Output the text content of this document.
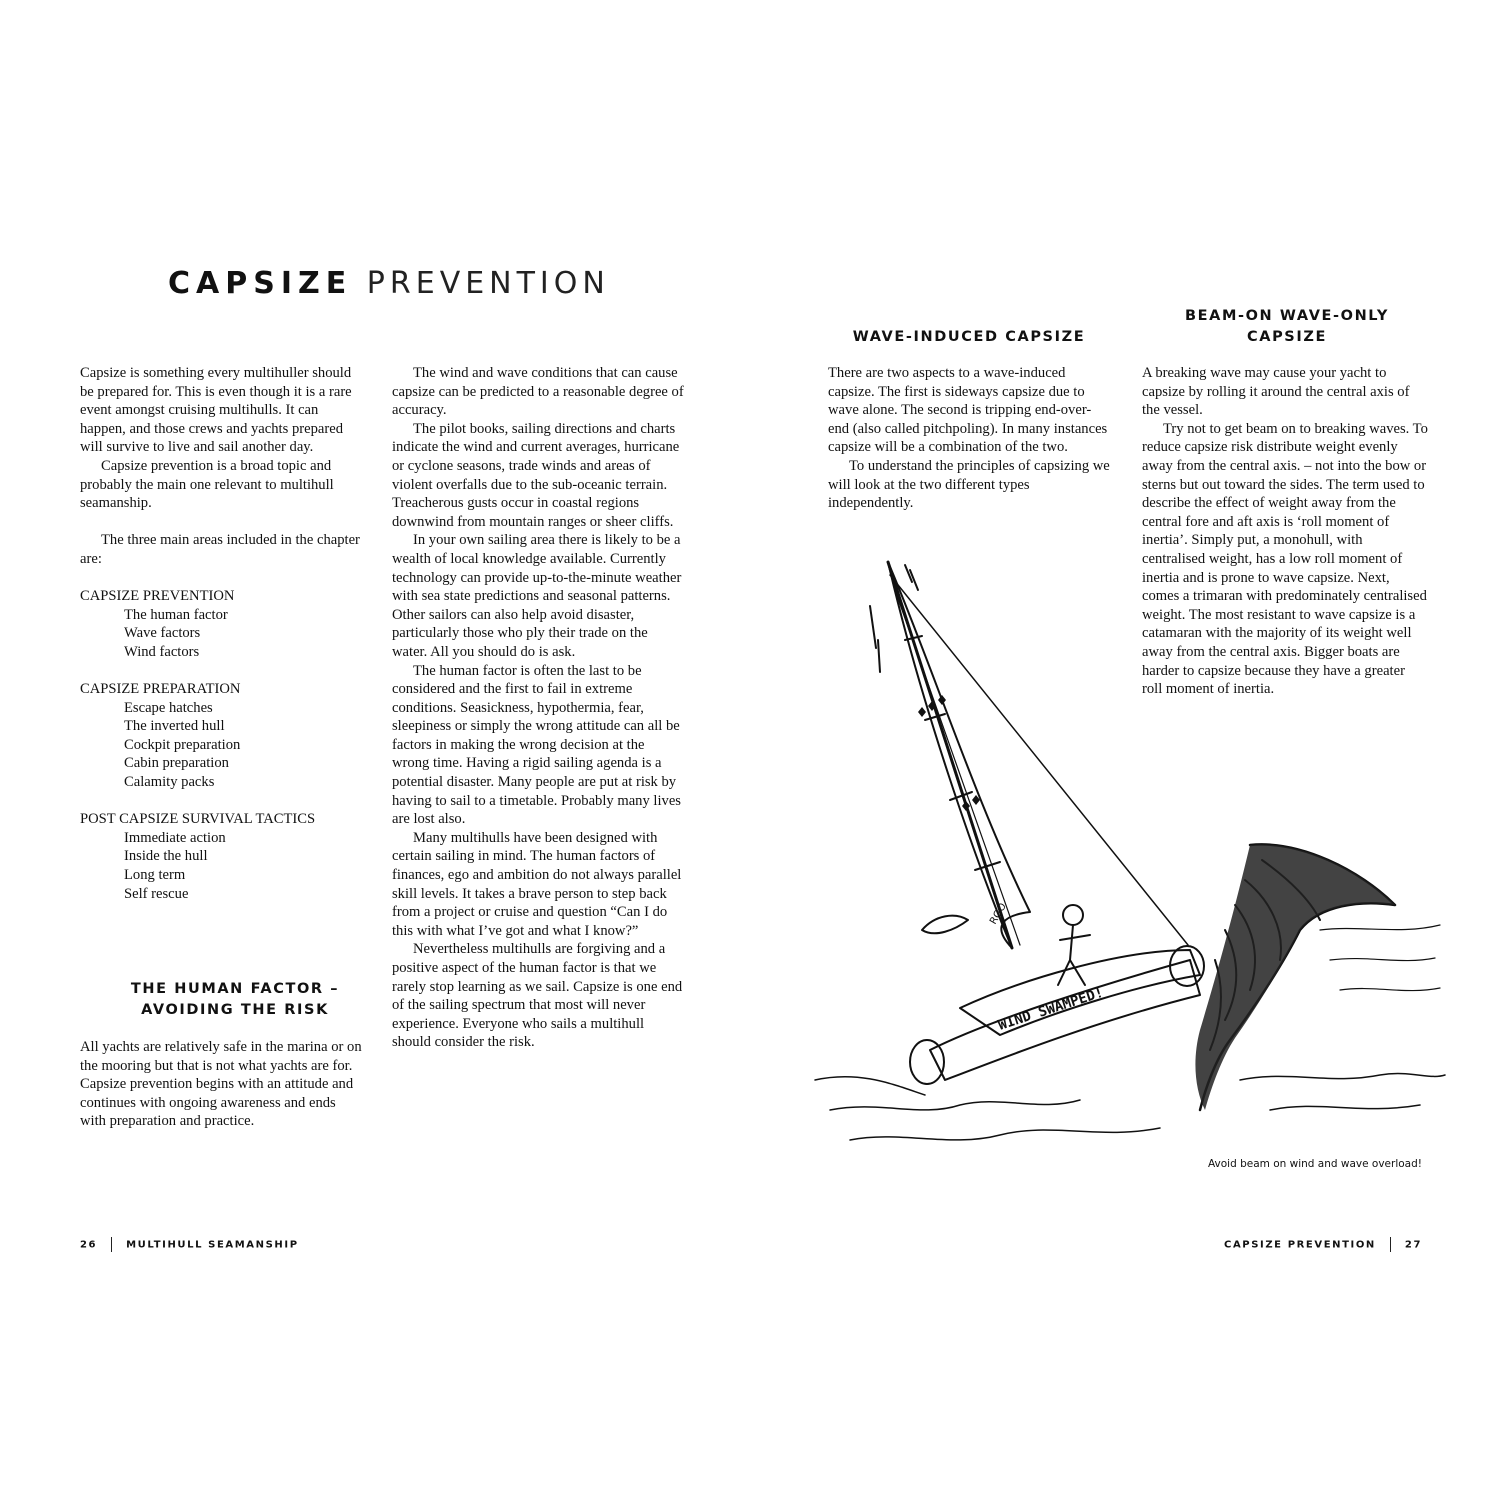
CAPSIZE PREVENTION

Capsize is something every multihuller should be prepared for. This is even though it is a rare event amongst cruising multihulls. It can happen, and those crews and yachts prepared will survive to live and sail another day.

Capsize prevention is a broad topic and probably the main one relevant to multihull seamanship.

The three main areas included in the chapter are:

CAPSIZE PREVENTION

The human factor

Wave factors

Wind factors

CAPSIZE PREPARATION

Escape hatches

The inverted hull

Cockpit preparation

Cabin preparation

Calamity packs

POST CAPSIZE SURVIVAL TACTICS

Immediate action

Inside the hull

Long term

Self rescue

THE HUMAN FACTOR –
AVOIDING THE RISK

All yachts are relatively safe in the marina or on the mooring but that is not what yachts are for. Capsize prevention begins with an attitude and continues with ongoing awareness and ends with preparation and practice.

The wind and wave conditions that can cause capsize can be predicted to a reasonable degree of accuracy.

The pilot books, sailing directions and charts indicate the wind and current averages, hurricane or cyclone seasons, trade winds and areas of violent overfalls due to the sub-oceanic terrain. Treacherous gusts occur in coastal regions downwind from mountain ranges or sheer cliffs.

In your own sailing area there is likely to be a wealth of local knowledge available. Currently technology can provide up-to-the-minute weather with sea state predictions and seasonal patterns. Other sailors can also help avoid disaster, particularly those who ply their trade on the water. All you should do is ask.

The human factor is often the last to be considered and the first to fail in extreme conditions. Seasickness, hypothermia, fear, sleepiness or simply the wrong attitude can all be factors in making the wrong decision at the wrong time. Having a rigid sailing agenda is a potential disaster. Many people are put at risk by having to sail to a timetable. Probably many lives are lost also.

Many multihulls have been designed with certain sailing in mind. The human factors of finances, ego and ambition do not always parallel skill levels. It takes a brave person to step back from a project or cruise and question “Can I do this with what I’ve got and what I know?”

Nevertheless multihulls are forgiving and a positive aspect of the human factor is that we rarely stop learning as we sail. Capsize is one end of the sailing spectrum that most will never experience. Everyone who sails a multihull should consider the risk.

WAVE-INDUCED CAPSIZE

There are two aspects to a wave-induced capsize. The first is sideways capsize due to wave alone. The second is tripping end-over-end (also called pitchpoling). In many instances capsize will be a combination of the two.

To understand the principles of capsizing we will look at the two different types independently.

BEAM-ON WAVE-ONLY
CAPSIZE

A breaking wave may cause your yacht to capsize by rolling it around the central axis of the vessel.

Try not to get beam on to breaking waves. To reduce capsize risk distribute weight evenly away from the central axis. – not into the bow or sterns but out toward the sides. The term used to describe the effect of weight away from the central fore and aft axis is ‘roll moment of inertia’. Simply put, a monohull, with centralised weight, has a low roll moment of inertia and is prone to wave capsize. Next, comes a trimaran with predominately centralised weight. The most resistant to wave capsize is a catamaran with the majority of its weight well away from the central axis. Bigger boats are harder to capsize because they have a greater roll moment of inertia.

WIND SWAMPED!
RGO
Avoid beam on wind and wave overload!
26	MULTIHULL SEAMANSHIP	CAPSIZE PREVENTION	27
